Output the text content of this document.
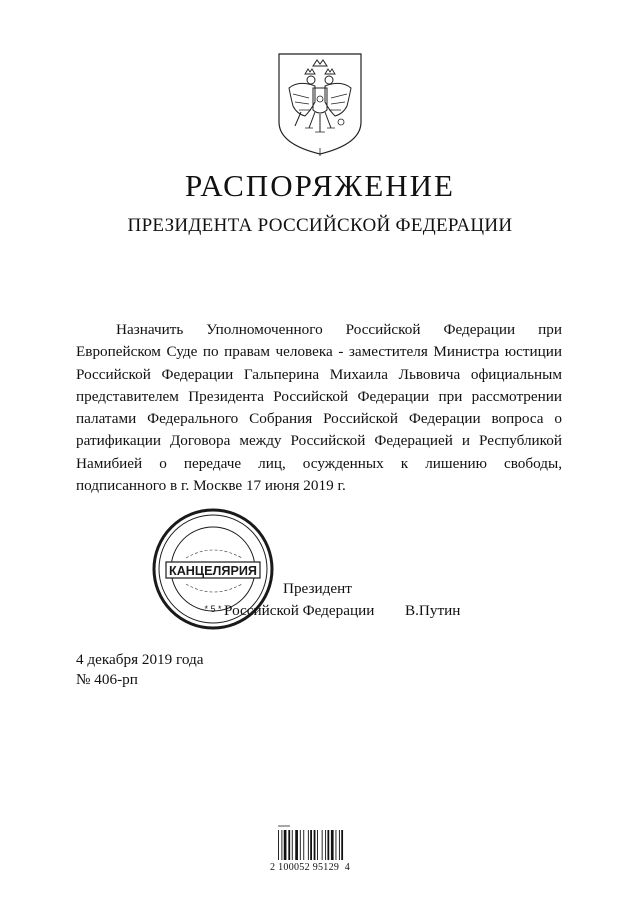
РАСПОРЯЖЕНИЕ
ПРЕЗИДЕНТА РОССИЙСКОЙ ФЕДЕРАЦИИ

Назначить Уполномоченного Российской Федерации при Европейском Суде по правам человека - заместителя Министра юстиции Российской Федерации Гальперина Михаила Львовича официальным представителем Президента Российской Федерации при рассмотрении палатами Федерального Собрания Российской Федерации вопроса о ратификации Договора между Российской Федерацией и Республикой Намибией о передаче лиц, осужденных к лишению свободы, подписанного в г. Москве 17 июня 2019 г.

КАНЦЕЛЯРИЯ
* 5 *
Президент
Российской Федерации В.Путин
4 декабря 2019 года
№ 406-рп
2 100052 95129  4
